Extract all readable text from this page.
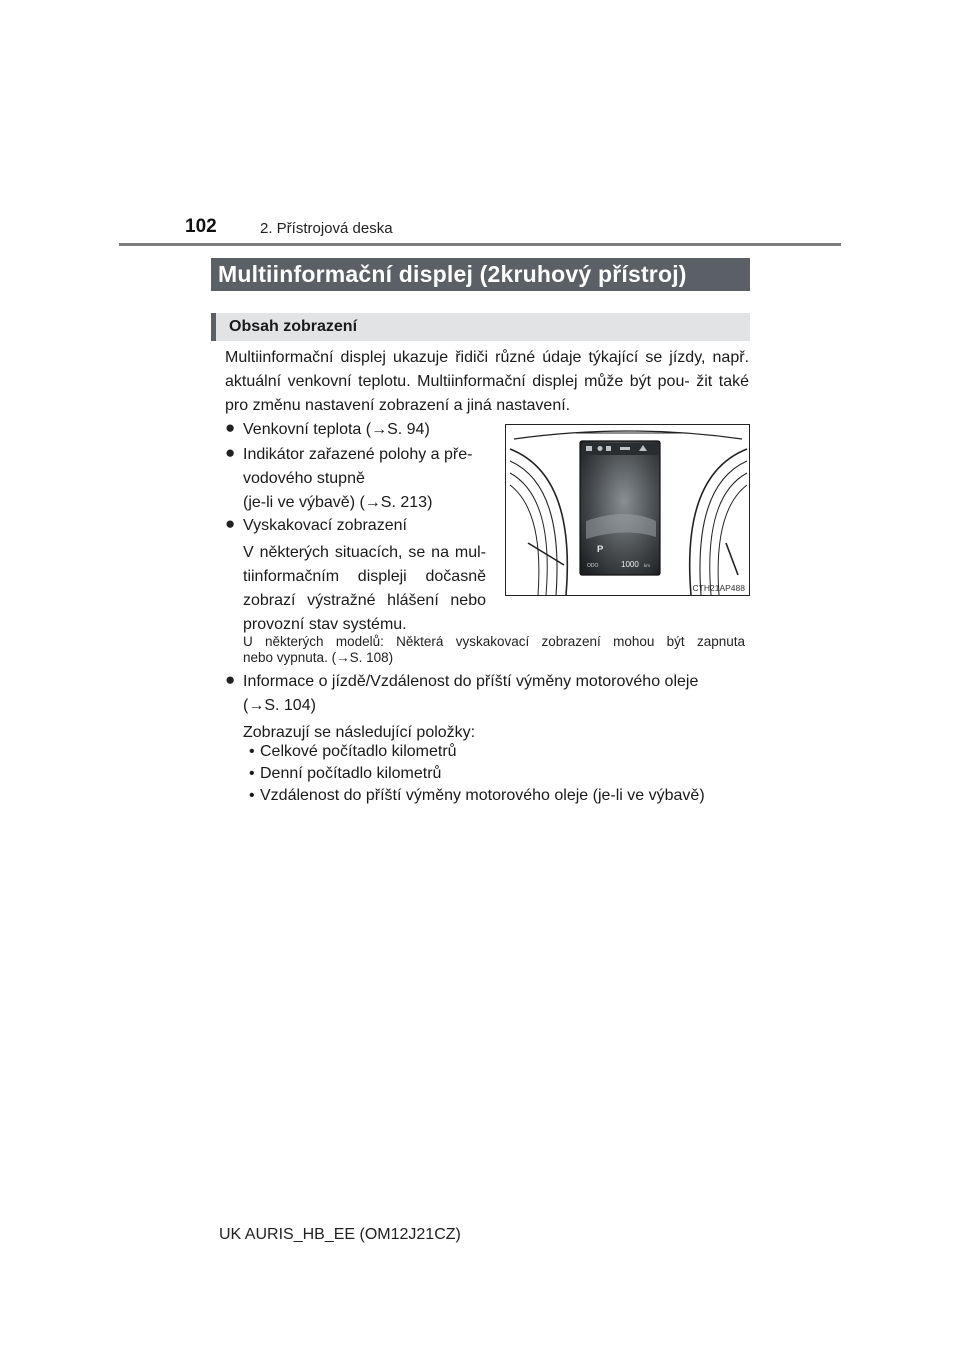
102	2. Přístrojová deska
Multiinformační displej (2kruhový přístroj)
Obsah zobrazení
Multiinformační displej ukazuje řidiči různé údaje týkající se jízdy, např. aktuální venkovní teplotu. Multiinformační displej může být pou- žit také pro změnu nastavení zobrazení a jiná nastavení.
● Venkovní teplota (→S. 94)
● Indikátor zařazené polohy a pře-
vodového stupně
(je-li ve výbavě) (→S. 213)
● Vyskakovací zobrazení
V některých situacích, se na mul-
tiinformačním displeji dočasně
zobrazí výstražné hlášení nebo
provozní stav systému.
U některých modelů: Některá vyskakovací zobrazení mohou být zapnuta
nebo vypnuta. (→S. 108)
● Informace o jízdě/Vzdálenost do příští výměny motorového oleje
(→S. 104)
Zobrazují se následující položky:
• Celkové počítadlo kilometrů
• Denní počítadlo kilometrů
• Vzdálenost do příští výměny motorového oleje (je-li ve výbavě)
P
ODO	1000 km
CTH21AP488
UK AURIS_HB_EE (OM12J21CZ)
